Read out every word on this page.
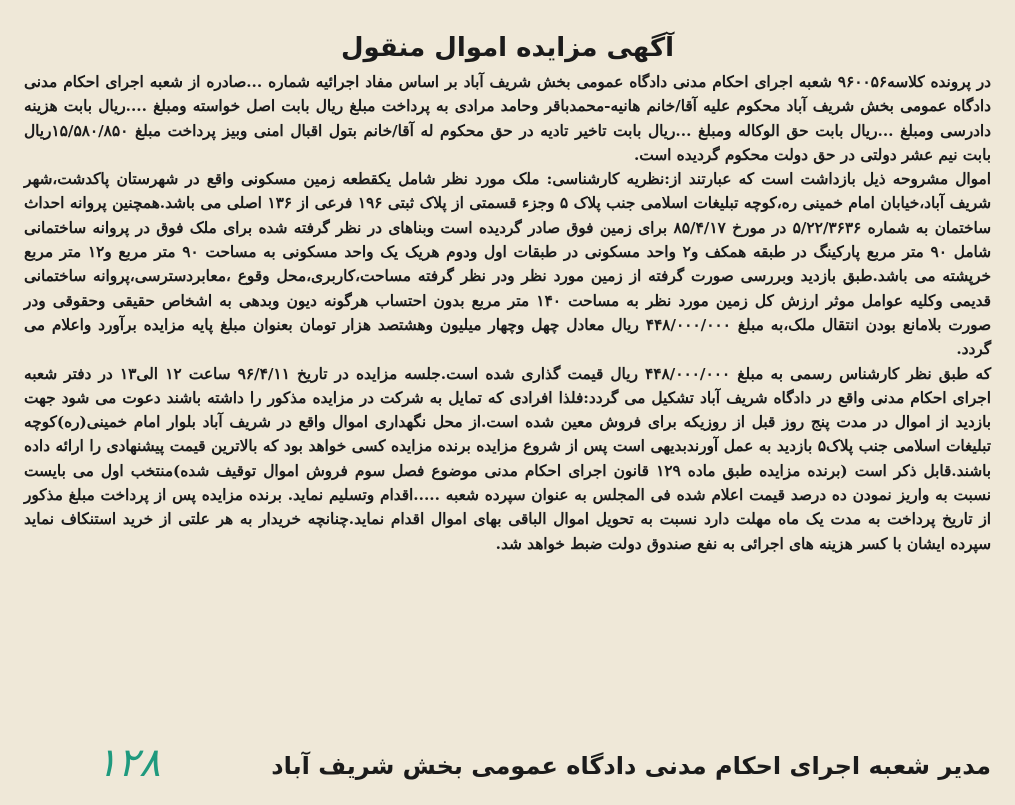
آگهی مزایده اموال منقول

در پرونده کلاسه۹۶۰۰۵۶ شعبه اجرای احکام مدنی دادگاه عمومی بخش شریف آباد بر اساس مفاد اجرائیه شماره ...صادره از شعبه اجرای احکام مدنی دادگاه عمومی بخش شریف آباد محکوم علیه آقا/خانم هانیه-محمدباقر وحامد مرادی به پرداخت مبلغ ریال بابت اصل خواسته ومبلغ ....ریال بابت هزینه دادرسی ومبلغ ...ریال بابت حق الوکاله ومبلغ ...ریال بابت تاخیر تادیه در حق محکوم له آقا/خانم بتول اقبال امنی وبیز پرداخت مبلغ ۱۵/۵۸۰/۸۵۰ریال بابت نیم عشر دولتی در حق دولت محکوم گردیده است.

اموال مشروحه ذیل بازداشت است که عبارتند از:نظریه کارشناسی: ملک مورد نظر شامل یکقطعه زمین مسکونی واقع در شهرستان پاکدشت،شهر شریف آباد،خیابان امام خمینی ره،کوچه تبلیغات اسلامی جنب پلاک ۵ وجزء قسمتی از پلاک ثبتی ۱۹۶ فرعی از ۱۳۶ اصلی می باشد.همچنین پروانه احداث ساختمان به شماره ۵/۲۲/۳۶۳۶ در مورخ ۸۵/۴/۱۷ برای زمین فوق صادر گردیده است وبناهای در نظر گرفته شده برای ملک فوق در پروانه ساختمانی شامل ۹۰ متر مربع پارکینگ در طبقه همکف و۲ واحد مسکونی در طبقات اول ودوم هریک یک واحد مسکونی به مساحت ۹۰ متر مربع و۱۲ متر مربع خرپشته می باشد.طبق بازدید وبررسی صورت گرفته از زمین مورد نظر ودر نظر گرفته مساحت،کاربری،محل وقوع ،معابردسترسی،پروانه ساختمانی قدیمی وکلیه عوامل موثر ارزش کل زمین مورد نظر به مساحت ۱۴۰ متر مربع بدون احتساب هرگونه دیون وبدهی به اشخاص حقیقی وحقوقی ودر صورت بلامانع بودن انتقال ملک،به مبلغ ۴۴۸/۰۰۰/۰۰۰ ریال معادل چهل وچهار میلیون وهشتصد هزار تومان بعنوان مبلغ پایه مزایده برآورد واعلام می گردد.

که طبق نظر کارشناس رسمی به مبلغ ۴۴۸/۰۰۰/۰۰۰ ریال قیمت گذاری شده است.جلسه مزایده در تاریخ ۹۶/۴/۱۱ ساعت ۱۲ الی۱۳ در دفتر شعبه اجرای احکام مدنی واقع در دادگاه شریف آباد تشکیل می گردد:فلذا افرادی که تمایل به شرکت در مزایده مذکور را داشته باشند دعوت می شود جهت بازدید از اموال در مدت پنج روز قبل از روزیکه برای فروش معین شده است.از محل نگهداری اموال واقع در شریف آباد بلوار امام خمینی(ره)کوچه تبلیغات اسلامی جنب پلاک۵ بازدید به عمل آورندبدیهی است پس از شروع مزایده برنده مزایده کسی خواهد بود که بالاترین قیمت پیشنهادی را ارائه داده باشند.قابل ذکر است (برنده مزایده طبق ماده ۱۲۹ قانون اجرای احکام مدنی موضوع فصل سوم فروش اموال توقیف شده)منتخب اول می بایست نسبت به واریز نمودن ده درصد قیمت اعلام شده فی المجلس به عنوان سپرده شعبه .....اقدام وتسلیم نماید. برنده مزایده پس از پرداخت مبلغ مذکور از تاریخ پرداخت به مدت یک ماه مهلت دارد نسبت به تحویل اموال الباقی بهای اموال اقدام نماید.چنانچه خریدار به هر علتی از خرید استنکاف نماید سپرده ایشان با کسر هزینه های اجرائی به نفع صندوق دولت ضبط خواهد شد.

مدیر شعبه اجرای احکام مدنی دادگاه عمومی بخش شریف آباد
۱۲۸
